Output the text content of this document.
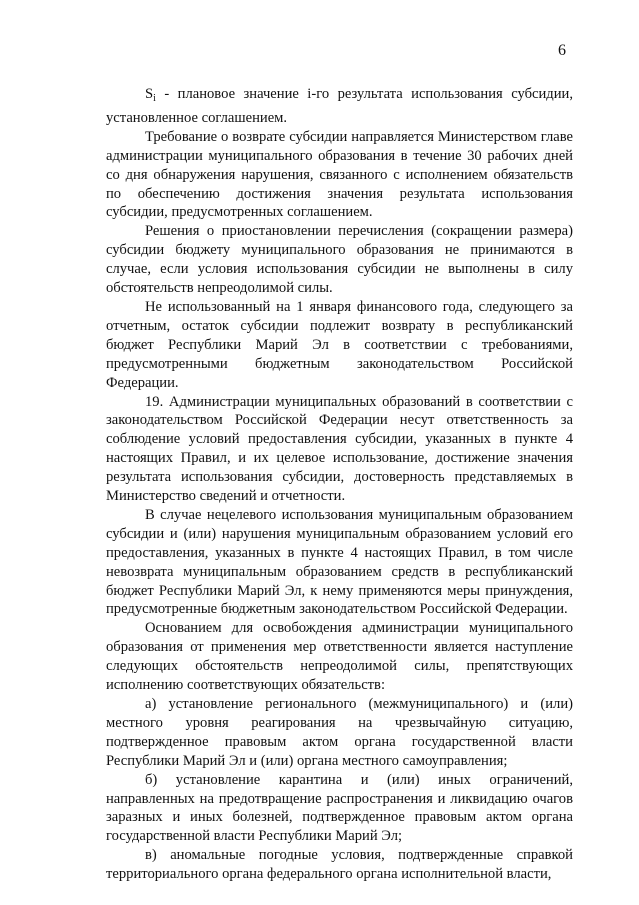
6

$S_i$ - плановое значение i-го результата использования субсидии, установленное соглашением.

Требование о возврате субсидии направляется Министерством главе администрации муниципального образования в течение 30 рабочих дней со дня обнаружения нарушения, связанного с исполнением обязательств по обеспечению достижения значения результата использования субсидии, предусмотренных соглашением.

Решения о приостановлении перечисления (сокращении размера) субсидии бюджету муниципального образования не принимаются в случае, если условия использования субсидии не выполнены в силу обстоятельств непреодолимой силы.

Не использованный на 1 января финансового года, следующего за отчетным, остаток субсидии подлежит возврату в республиканский бюджет Республики Марий Эл в соответствии с требованиями, предусмотренными бюджетным законодательством Российской Федерации.

19. Администрации муниципальных образований в соответствии с законодательством Российской Федерации несут ответственность за соблюдение условий предоставления субсидии, указанных в пункте 4 настоящих Правил, и их целевое использование, достижение значения результата использования субсидии, достоверность представляемых в Министерство сведений и отчетности.

В случае нецелевого использования муниципальным образованием субсидии и (или) нарушения муниципальным образованием условий его предоставления, указанных в пункте 4 настоящих Правил, в том числе невозврата муниципальным образованием средств в республиканский бюджет Республики Марий Эл, к нему применяются меры принуждения, предусмотренные бюджетным законодательством Российской Федерации.

Основанием для освобождения администрации муниципального образования от применения мер ответственности является наступление следующих обстоятельств непреодолимой силы, препятствующих исполнению соответствующих обязательств:

а) установление регионального (межмуниципального) и (или) местного уровня реагирования на чрезвычайную ситуацию, подтвержденное правовым актом органа государственной власти Республики Марий Эл и (или) органа местного самоуправления;

б) установление карантина и (или) иных ограничений, направленных на предотвращение распространения и ликвидацию очагов заразных и иных болезней, подтвержденное правовым актом органа государственной власти Республики Марий Эл;

в) аномальные погодные условия, подтвержденные справкой территориального органа федерального органа исполнительной власти,
